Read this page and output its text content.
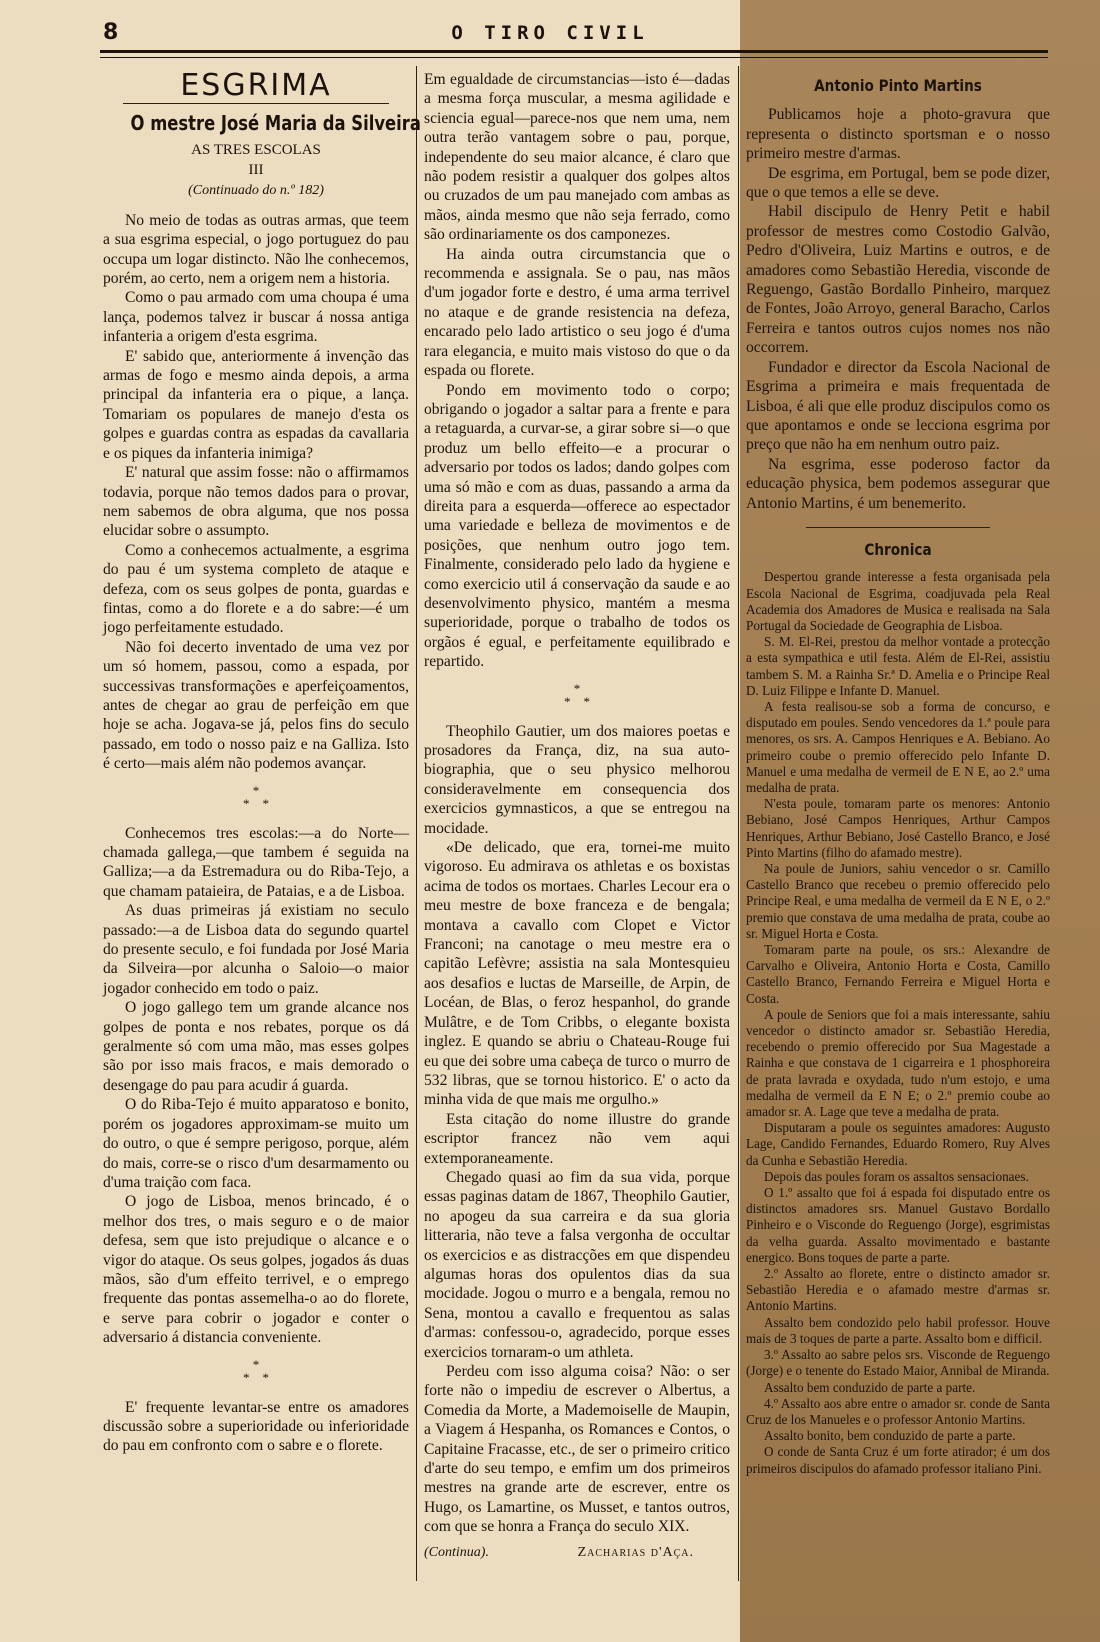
8	O TIRO CIVIL
ESGRIMA
O mestre José Maria da Silveira
AS TRES ESCOLAS
III
(Continuado do n.º 182)

No meio de todas as outras armas, que teem a sua esgrima especial, o jogo portuguez do pau occupa um logar distincto. Não lhe conhecemos, porém, ao certo, nem a origem nem a historia.

Como o pau armado com uma choupa é uma lança, podemos talvez ir buscar á nossa antiga infanteria a origem d'esta esgrima.

E' sabido que, anteriormente á invenção das armas de fogo e mesmo ainda depois, a arma principal da infanteria era o pique, a lança. Tomariam os populares de manejo d'esta os golpes e guardas contra as espadas da cavallaria e os piques da infanteria inimiga?

E' natural que assim fosse: não o affirmamos todavia, porque não temos dados para o provar, nem sabemos de obra alguma, que nos possa elucidar sobre o assumpto.

Como a conhecemos actualmente, a esgrima do pau é um systema completo de ataque e defeza, com os seus golpes de ponta, guardas e fintas, como a do florete e a do sabre:—é um jogo perfeitamente estudado.

Não foi decerto inventado de uma vez por um só homem, passou, como a espada, por successivas transformações e aperfeiçoamentos, antes de chegar ao grau de perfeição em que hoje se acha. Jogava-se já, pelos fins do seculo passado, em todo o nosso paiz e na Galliza. Isto é certo—mais além não podemos avançar.

*
*    *

Conhecemos tres escolas:—a do Norte—chamada gallega,—que tambem é seguida na Galliza;—a da Estremadura ou do Riba-Tejo, a que chamam pataieira, de Pataias, e a de Lisboa.

As duas primeiras já existiam no seculo passado:—a de Lisboa data do segundo quartel do presente seculo, e foi fundada por José Maria da Silveira—por alcunha o Saloio—o maior jogador conhecido em todo o paiz.

O jogo gallego tem um grande alcance nos golpes de ponta e nos rebates, porque os dá geralmente só com uma mão, mas esses golpes são por isso mais fracos, e mais demorado o desengage do pau para acudir á guarda.

O do Riba-Tejo é muito apparatoso e bonito, porém os jogadores approximam-se muito um do outro, o que é sempre perigoso, porque, além do mais, corre-se o risco d'um desarmamento ou d'uma traição com faca.

O jogo de Lisboa, menos brincado, é o melhor dos tres, o mais seguro e o de maior defesa, sem que isto prejudique o alcance e o vigor do ataque. Os seus golpes, jogados ás duas mãos, são d'um effeito terrivel, e o emprego frequente das pontas assemelha-o ao do florete, e serve para cobrir o jogador e conter o adversario á distancia conveniente.

*
*    *

E' frequente levantar-se entre os amadores discussão sobre a superioridade ou inferioridade do pau em confronto com o sabre e o florete.

Em egualdade de circumstancias—isto é—dadas a mesma força muscular, a mesma agilidade e sciencia egual—parece-nos que nem uma, nem outra terão vantagem sobre o pau, porque, independente do seu maior alcance, é claro que não podem resistir a qualquer dos golpes altos ou cruzados de um pau manejado com ambas as mãos, ainda mesmo que não seja ferrado, como são ordinariamente os dos camponezes.

Ha ainda outra circumstancia que o recommenda e assignala. Se o pau, nas mãos d'um jogador forte e destro, é uma arma terrivel no ataque e de grande resistencia na defeza, encarado pelo lado artistico o seu jogo é d'uma rara elegancia, e muito mais vistoso do que o da espada ou florete.

Pondo em movimento todo o corpo; obrigando o jogador a saltar para a frente e para a retaguarda, a curvar-se, a girar sobre si—o que produz um bello effeito—e a procurar o adversario por todos os lados; dando golpes com uma só mão e com as duas, passando a arma da direita para a esquerda—offerece ao espectador uma variedade e belleza de movimentos e de posições, que nenhum outro jogo tem. Finalmente, considerado pelo lado da hygiene e como exercicio util á conservação da saude e ao desenvolvimento physico, mantém a mesma superioridade, porque o trabalho de todos os orgãos é egual, e perfeitamente equilibrado e repartido.

*
*    *

Theophilo Gautier, um dos maiores poetas e prosadores da França, diz, na sua auto-biographia, que o seu physico melhorou consideravelmente em consequencia dos exercicios gymnasticos, a que se entregou na mocidade.

«De delicado, que era, tornei-me muito vigoroso. Eu admirava os athletas e os boxistas acima de todos os mortaes. Charles Lecour era o meu mestre de boxe franceza e de bengala; montava a cavallo com Clopet e Victor Franconi; na canotage o meu mestre era o capitão Lefèvre; assistia na sala Montesquieu aos desafios e luctas de Marseille, de Arpin, de Locéan, de Blas, o feroz hespanhol, do grande Mulâtre, e de Tom Cribbs, o elegante boxista inglez. E quando se abriu o Chateau-Rouge fui eu que dei sobre uma cabeça de turco o murro de 532 libras, que se tornou historico. E' o acto da minha vida de que mais me orgulho.»

Esta citação do nome illustre do grande escriptor francez não vem aqui extemporaneamente.

Chegado quasi ao fim da sua vida, porque essas paginas datam de 1867, Theophilo Gautier, no apogeu da sua carreira e da sua gloria litteraria, não teve a falsa vergonha de occultar os exercicios e as distracções em que dispendeu algumas horas dos opulentos dias da sua mocidade. Jogou o murro e a bengala, remou no Sena, montou a cavallo e frequentou as salas d'armas: confessou-o, agradecido, porque esses exercicios tornaram-o um athleta.

Perdeu com isso alguma coisa? Não: o ser forte não o impediu de escrever o Albertus, a Comedia da Morte, a Mademoiselle de Maupin, a Viagem á Hespanha, os Romances e Contos, o Capitaine Fracasse, etc., de ser o primeiro critico d'arte do seu tempo, e emfim um dos primeiros mestres na grande arte de escrever, entre os Hugo, os Lamartine, os Musset, e tantos outros, com que se honra a França do seculo XIX.

(Continua).	Zacharias d'Aça.
Antonio Pinto Martins

Publicamos hoje a photo-gravura que representa o distincto sportsman e o nosso primeiro mestre d'armas.

De esgrima, em Portugal, bem se pode dizer, que o que temos a elle se deve.

Habil discipulo de Henry Petit e habil professor de mestres como Costodio Galvão, Pedro d'Oliveira, Luiz Martins e outros, e de amadores como Sebastião Heredia, visconde de Reguengo, Gastão Bordallo Pinheiro, marquez de Fontes, João Arroyo, general Baracho, Carlos Ferreira e tantos outros cujos nomes nos não occorrem.

Fundador e director da Escola Nacional de Esgrima a primeira e mais frequentada de Lisboa, é ali que elle produz discipulos como os que apontamos e onde se lecciona esgrima por preço que não ha em nenhum outro paiz.

Na esgrima, esse poderoso factor da educação physica, bem podemos assegurar que Antonio Martins, é um benemerito.

Chronica

Despertou grande interesse a festa organisada pela Escola Nacional de Esgrima, coadjuvada pela Real Academia dos Amadores de Musica e realisada na Sala Portugal da Sociedade de Geographia de Lisboa.

S. M. El-Rei, prestou da melhor vontade a protecção a esta sympathica e util festa. Além de El-Rei, assistiu tambem S. M. a Rainha Sr.ª D. Amelia e o Principe Real D. Luiz Filippe e Infante D. Manuel.

A festa realisou-se sob a forma de concurso, e disputado em poules. Sendo vencedores da 1.ª poule para menores, os srs. A. Campos Henriques e A. Bebiano. Ao primeiro coube o premio offerecido pelo Infante D. Manuel e uma medalha de vermeil de E N E, ao 2.º uma medalha de prata.

N'esta poule, tomaram parte os menores: Antonio Bebiano, José Campos Henriques, Arthur Campos Henriques, Arthur Bebiano, José Castello Branco, e José Pinto Martins (filho do afamado mestre).

Na poule de Juniors, sahiu vencedor o sr. Camillo Castello Branco que recebeu o premio offerecido pelo Principe Real, e uma medalha de vermeil da E N E, o 2.º premio que constava de uma medalha de prata, coube ao sr. Miguel Horta e Costa.

Tomaram parte na poule, os srs.: Alexandre de Carvalho e Oliveira, Antonio Horta e Costa, Camillo Castello Branco, Fernando Ferreira e Miguel Horta e Costa.

A poule de Seniors que foi a mais interessante, sahiu vencedor o distincto amador sr. Sebastião Heredia, recebendo o premio offerecido por Sua Magestade a Rainha e que constava de 1 cigarreira e 1 phosphoreira de prata lavrada e oxydada, tudo n'um estojo, e uma medalha de vermeil da E N E; o 2.º premio coube ao amador sr. A. Lage que teve a medalha de prata.

Disputaram a poule os seguintes amadores: Augusto Lage, Candido Fernandes, Eduardo Romero, Ruy Alves da Cunha e Sebastião Heredia.

Depois das poules foram os assaltos sensacionaes.

O 1.º assalto que foi á espada foi disputado entre os distinctos amadores srs. Manuel Gustavo Bordallo Pinheiro e o Visconde do Reguengo (Jorge), esgrimistas da velha guarda. Assalto movimentado e bastante energico. Bons toques de parte a parte.

2.º Assalto ao florete, entre o distincto amador sr. Sebastião Heredia e o afamado mestre d'armas sr. Antonio Martins.

Assalto bem condozido pelo habil professor. Houve mais de 3 toques de parte a parte. Assalto bom e difficil.

3.º Assalto ao sabre pelos srs. Visconde de Reguengo (Jorge) e o tenente do Estado Maior, Annibal de Miranda.

Assalto bem conduzido de parte a parte.

4.º Assalto aos abre entre o amador sr. conde de Santa Cruz de los Manueles e o professor Antonio Martins.

Assalto bonito, bem conduzido de parte a parte.

O conde de Santa Cruz é um forte atirador; é um dos primeiros discipulos do afamado professor italiano Pini.
